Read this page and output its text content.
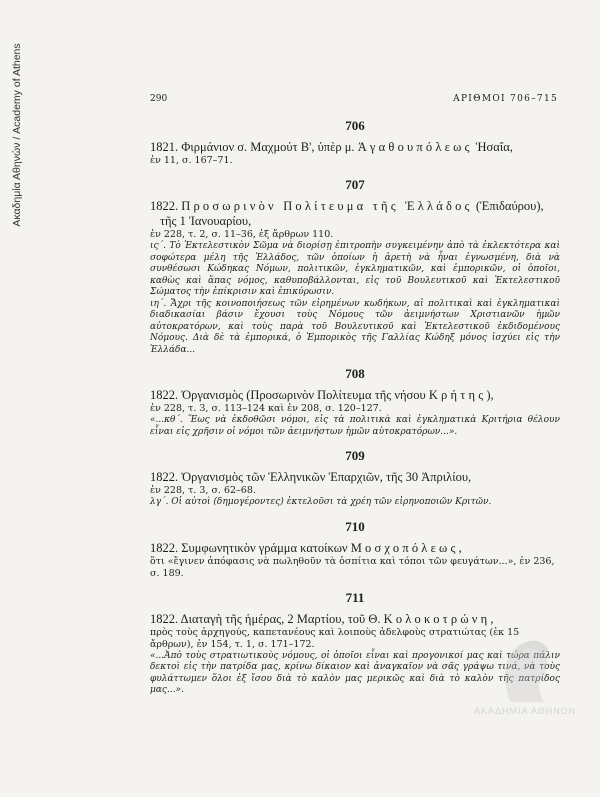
Ακαδημία Αθηνών / Academy of Athens	290	ΑΡΙΘΜΟΙ 706–715
706
1821. Φιρμάνιον σ. Μαχμούτ Β', ὑπὲρ μ. Ἀγαθουπόλεως Ἡσαΐα,
ἐν 11, σ. 167–71.
707
1822. Προσωρινὸν Πολίτευμα τῆς Ἑλλάδος (Ἐπιδαύρου), τῆς 1 Ἰανουαρίου,
ἐν 228, τ. 2, σ. 11–36, ἐξ ἄρθρων 110.
ις΄. Τὸ Ἐκτελεστικὸν Σῶμα νὰ διορίσῃ ἐπιτροπὴν συγκειμένην ἀπὸ τὰ ἐκλεκτότερα καὶ σοφώτερα μέλη τῆς Ἑλλάδος, τῶν ὁποίων ἡ ἀρετὴ νὰ ἦναι ἐγνωσμένη, διὰ νὰ συνθέσωσι Κώδηκας Νόμων, πολιτικῶν, ἐγκληματικῶν, καὶ ἐμπορικῶν, οἱ ὁποῖοι, καθὼς καὶ ἅπας νόμος, καθυποβάλλονται, εἰς τοῦ Βουλευτικοῦ καὶ Ἐκτελεστικοῦ Σώματος τὴν ἐπίκρισιν καὶ ἐπικύρωσιν.
ιη΄. Ἄχρι τῆς κοινοποιήσεως τῶν εἰρημένων κωδήκων, αἱ πολιτικαὶ καὶ ἐγκληματικαὶ διαδικασίαι βάσιν ἔχουσι τοὺς Νόμους τῶν ἀειμνήστων Χριστιανῶν ἡμῶν αὐτοκρατόρων, καὶ τοὺς παρὰ τοῦ Βουλευτικοῦ καὶ Ἐκτελεστικοῦ ἐκδιδομένους Νόμους. Διὰ δὲ τὰ ἐμπορικά, ὁ Ἐμπορικὸς τῆς Γαλλίας Κώδηξ μόνος ἰσχύει εἰς τὴν Ἑλλάδα...
708
1822. Ὀργανισμὸς (Προσωρινὸν Πολίτευμα τῆς νήσου Κρήτης),
ἐν 228, τ. 3, σ. 113–124 καὶ ἐν 208, σ. 120–127.
«...κθ΄. Ἕως νὰ ἐκδοθῶσι νόμοι, εἰς τὰ πολιτικὰ καὶ ἐγκληματικὰ Κριτήρια θέλουν εἶναι εἰς χρῆσιν οἱ νόμοι τῶν ἀειμνήστων ἡμῶν αὐτοκρατόρων...».
709
1822. Ὀργανισμὸς τῶν Ἑλληνικῶν Ἐπαρχιῶν, τῆς 30 Ἀπριλίου,
ἐν 228, τ. 3, σ. 62–68.
λγ΄. Οἱ αὐτοὶ (δημογέροντες) ἐκτελοῦσι τὰ χρέη τῶν εἰρηνοποιῶν Κριτῶν.
710
1822. Συμφωνητικὸν γράμμα κατοίκων Μοσχοπόλεως,
ὅτι «ἔγινεν ἀπόφασις νὰ πωληθοῦν τὰ ὁσπίτια καὶ τόποι τῶν φευγάτων...», ἐν 236, σ. 189.
711
1822. Διαταγὴ τῆς ἡμέρας, 2 Μαρτίου, τοῦ Θ. Κολοκοτρώνη,
πρὸς τοὺς ἀρχηγούς, καπετανέους καὶ λοιποὺς ἀδελφοὺς στρατιώτας (ἐκ 15 ἄρθρων), ἐν 154, τ. 1, σ. 171–172.
«...Ἀπὸ τοὺς στρατιωτικοὺς νόμους, οἱ ὁποῖοι εἶναι καὶ προγονικοί μας καὶ τώρα πάλιν δεκτοὶ εἰς τὴν πατρίδα μας, κρίνω δίκαιον καὶ ἀναγκαῖον νὰ σᾶς γράψω τινά, νὰ τοὺς φυλάττωμεν ὅλοι ἐξ ἴσου διὰ τὸ καλὸν μας μερικῶς καὶ διὰ τὸ καλὸν τῆς πατρίδος μας...».
ΑΚΑΔΗΜΙΑ ΑΘΗΝΩΝ
